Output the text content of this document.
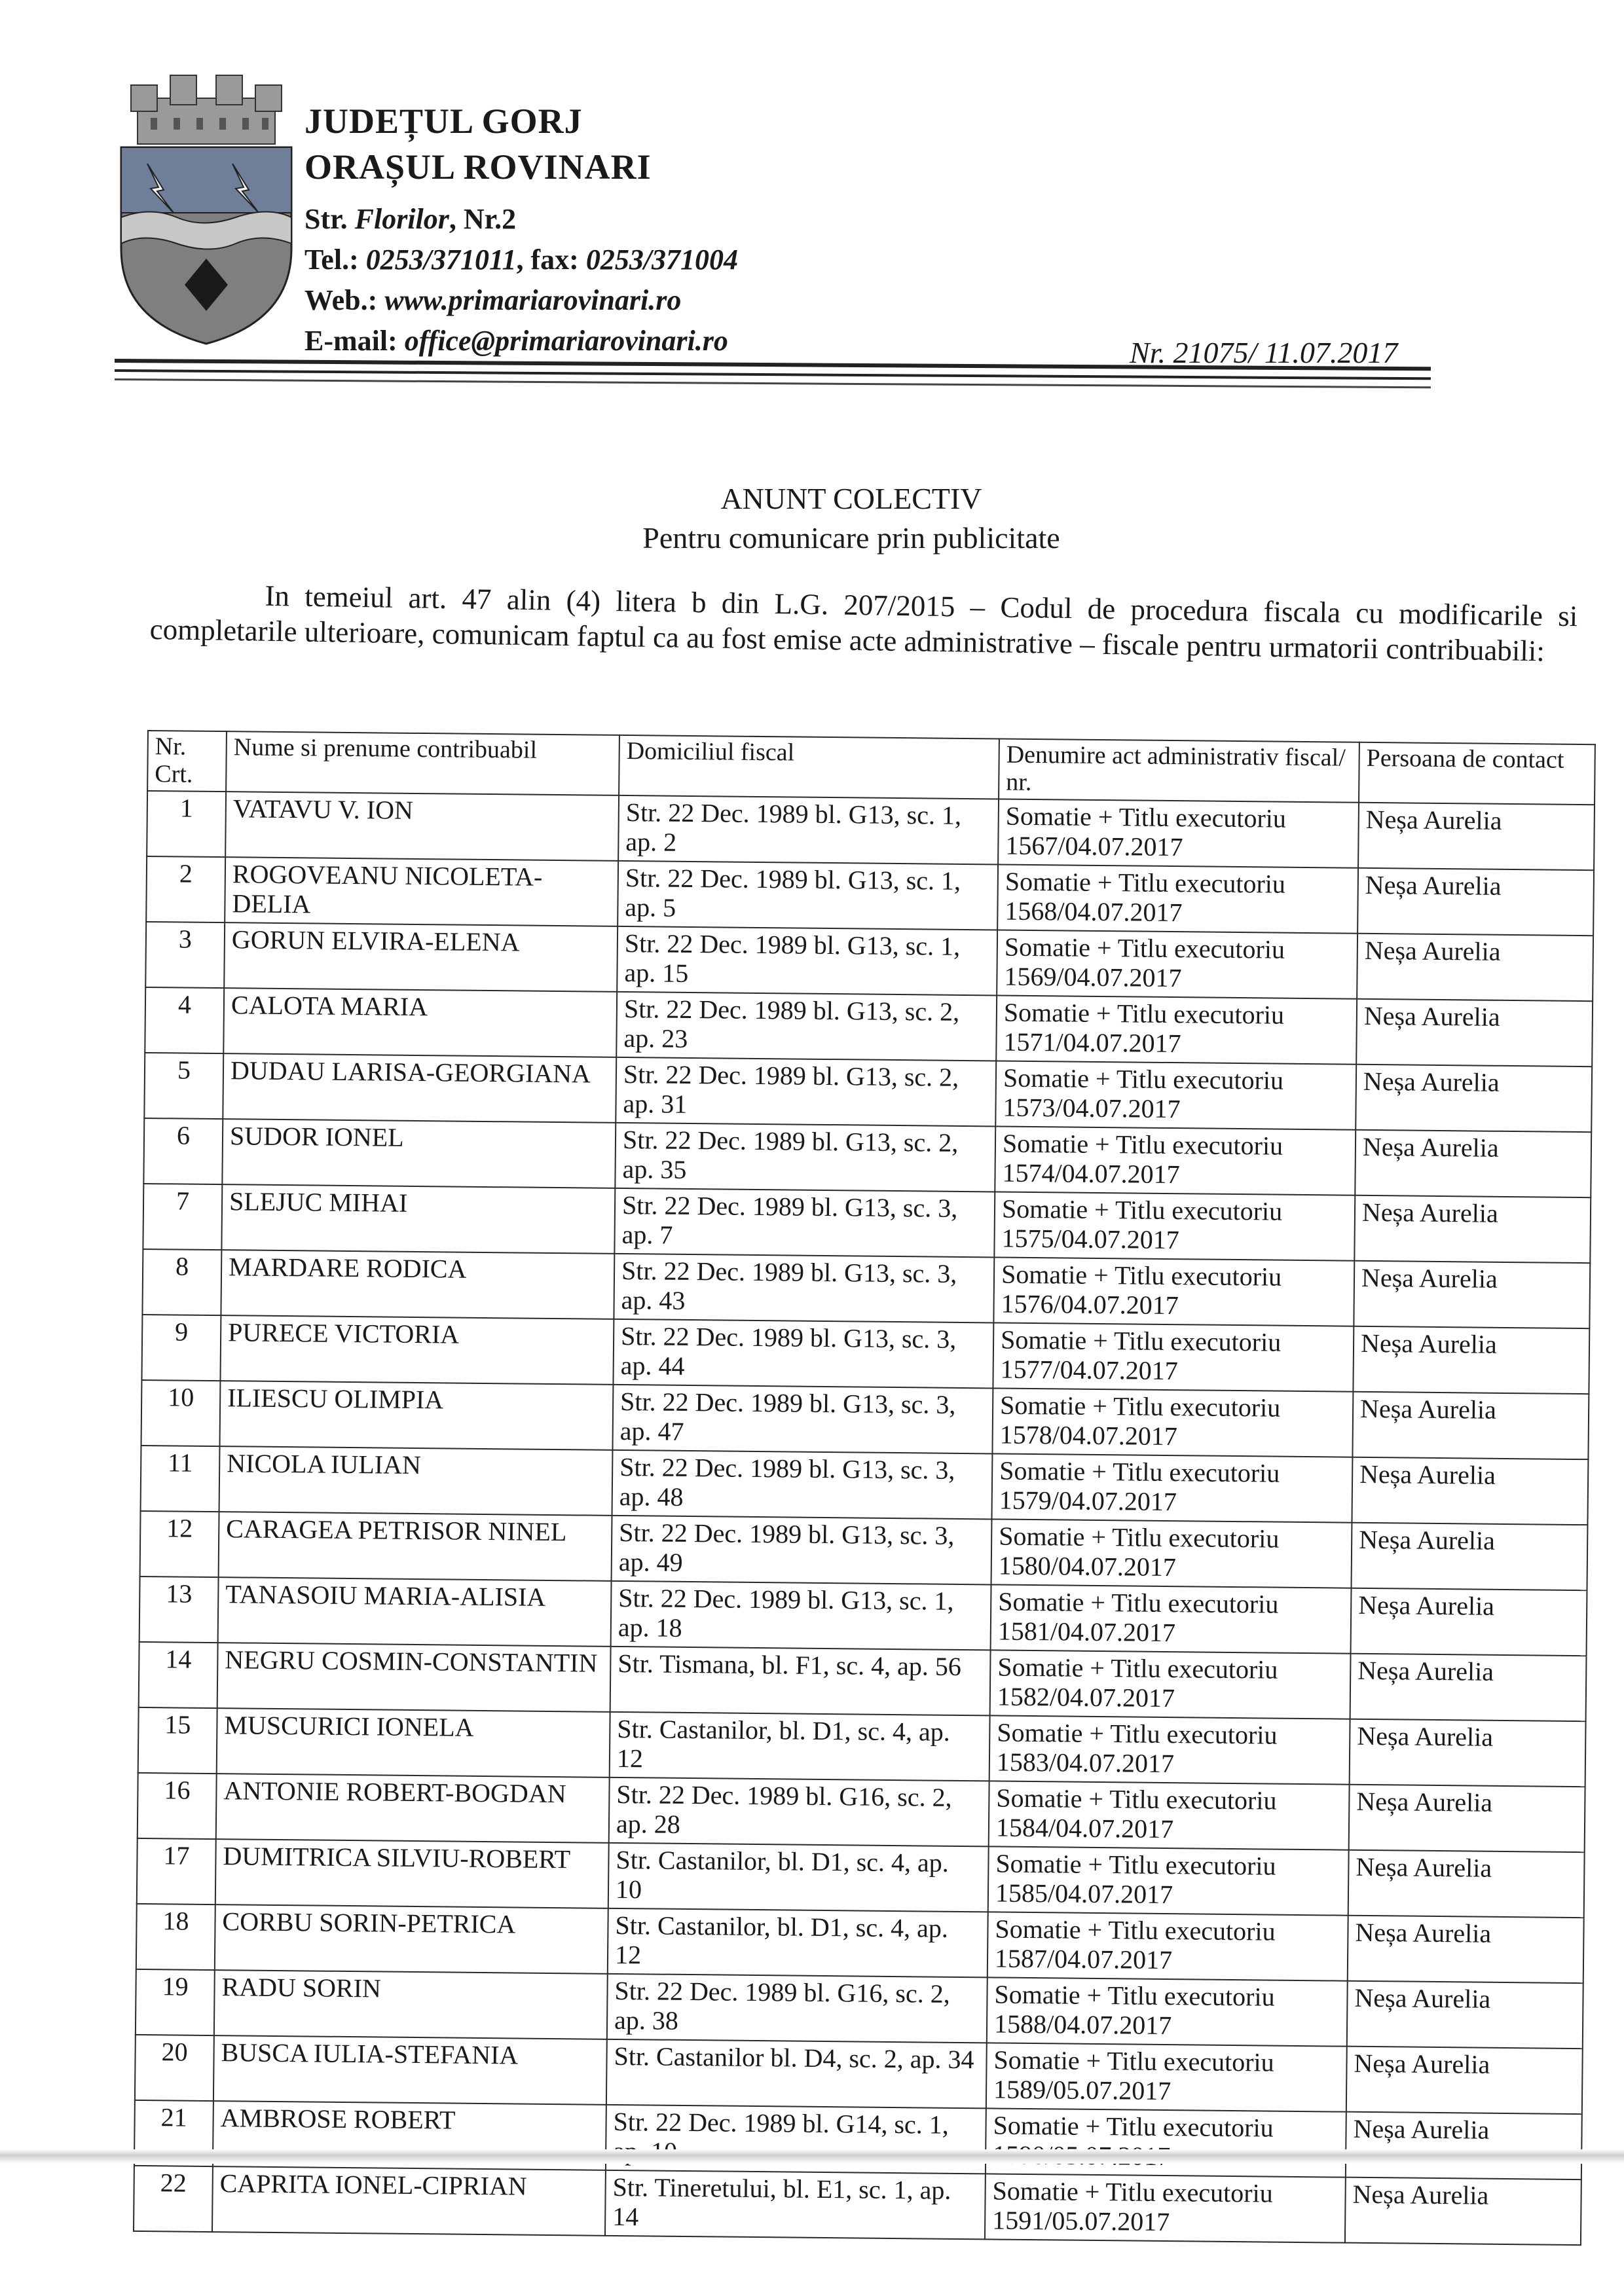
JUDEȚUL GORJ
ORAȘUL ROVINARI
Str. Florilor, Nr.2
Tel.: 0253/371011, fax: 0253/371004
Web.: www.primariarovinari.ro
E-mail: office@primariarovinari.ro	Nr. 21075/ 11.07.2017
ANUNT COLECTIV
Pentru comunicare prin publicitate
In temeiul art. 47 alin (4) litera b din L.G. 207/2015 – Codul de procedura fiscala cu modificarile si completarile ulterioare, comunicam faptul ca au fost emise acte administrative – fiscale pentru urmatorii contribuabili:
Nr. Crt.	Nume si prenume contribuabil	Domiciliul fiscal	Denumire act administrativ fiscal/ nr.	Persoana de contact
1	VATAVU V. ION	Str. 22 Dec. 1989 bl. G13, sc. 1, ap. 2	Somatie + Titlu executoriu 1567/04.07.2017	Neșa Aurelia
2	ROGOVEANU NICOLETA-DELIA	Str. 22 Dec. 1989 bl. G13, sc. 1, ap. 5	Somatie + Titlu executoriu 1568/04.07.2017	Neșa Aurelia
3	GORUN ELVIRA-ELENA	Str. 22 Dec. 1989 bl. G13, sc. 1, ap. 15	Somatie + Titlu executoriu 1569/04.07.2017	Neșa Aurelia
4	CALOTA MARIA	Str. 22 Dec. 1989 bl. G13, sc. 2, ap. 23	Somatie + Titlu executoriu 1571/04.07.2017	Neșa Aurelia
5	DUDAU LARISA-GEORGIANA	Str. 22 Dec. 1989 bl. G13, sc. 2, ap. 31	Somatie + Titlu executoriu 1573/04.07.2017	Neșa Aurelia
6	SUDOR IONEL	Str. 22 Dec. 1989 bl. G13, sc. 2, ap. 35	Somatie + Titlu executoriu 1574/04.07.2017	Neșa Aurelia
7	SLEJUC MIHAI	Str. 22 Dec. 1989 bl. G13, sc. 3, ap. 7	Somatie + Titlu executoriu 1575/04.07.2017	Neșa Aurelia
8	MARDARE RODICA	Str. 22 Dec. 1989 bl. G13, sc. 3, ap. 43	Somatie + Titlu executoriu 1576/04.07.2017	Neșa Aurelia
9	PURECE VICTORIA	Str. 22 Dec. 1989 bl. G13, sc. 3, ap. 44	Somatie + Titlu executoriu 1577/04.07.2017	Neșa Aurelia
10	ILIESCU OLIMPIA	Str. 22 Dec. 1989 bl. G13, sc. 3, ap. 47	Somatie + Titlu executoriu 1578/04.07.2017	Neșa Aurelia
11	NICOLA IULIAN	Str. 22 Dec. 1989 bl. G13, sc. 3, ap. 48	Somatie + Titlu executoriu 1579/04.07.2017	Neșa Aurelia
12	CARAGEA PETRISOR NINEL	Str. 22 Dec. 1989 bl. G13, sc. 3, ap. 49	Somatie + Titlu executoriu 1580/04.07.2017	Neșa Aurelia
13	TANASOIU MARIA-ALISIA	Str. 22 Dec. 1989 bl. G13, sc. 1, ap. 18	Somatie + Titlu executoriu 1581/04.07.2017	Neșa Aurelia
14	NEGRU COSMIN-CONSTANTIN	Str. Tismana, bl. F1, sc. 4, ap. 56	Somatie + Titlu executoriu 1582/04.07.2017	Neșa Aurelia
15	MUSCURICI IONELA	Str. Castanilor, bl. D1, sc. 4, ap. 12	Somatie + Titlu executoriu 1583/04.07.2017	Neșa Aurelia
16	ANTONIE ROBERT-BOGDAN	Str. 22 Dec. 1989 bl. G16, sc. 2, ap. 28	Somatie + Titlu executoriu 1584/04.07.2017	Neșa Aurelia
17	DUMITRICA SILVIU-ROBERT	Str. Castanilor, bl. D1, sc. 4, ap. 10	Somatie + Titlu executoriu 1585/04.07.2017	Neșa Aurelia
18	CORBU SORIN-PETRICA	Str. Castanilor, bl. D1, sc. 4, ap. 12	Somatie + Titlu executoriu 1587/04.07.2017	Neșa Aurelia
19	RADU SORIN	Str. 22 Dec. 1989 bl. G16, sc. 2, ap. 38	Somatie + Titlu executoriu 1588/04.07.2017	Neșa Aurelia
20	BUSCA IULIA-STEFANIA	Str. Castanilor bl. D4, sc. 2, ap. 34	Somatie + Titlu executoriu 1589/05.07.2017	Neșa Aurelia
21	AMBROSE ROBERT	Str. 22 Dec. 1989 bl. G14, sc. 1,	Somatie + Titlu executoriu	Neșa Aurelia
22	CAPRITA IONEL-CIPRIAN	Str. Tineretului, bl. E1, sc. 1, ap. 14	Somatie + Titlu executoriu 1591/05.07.2017	Neșa Aurelia
